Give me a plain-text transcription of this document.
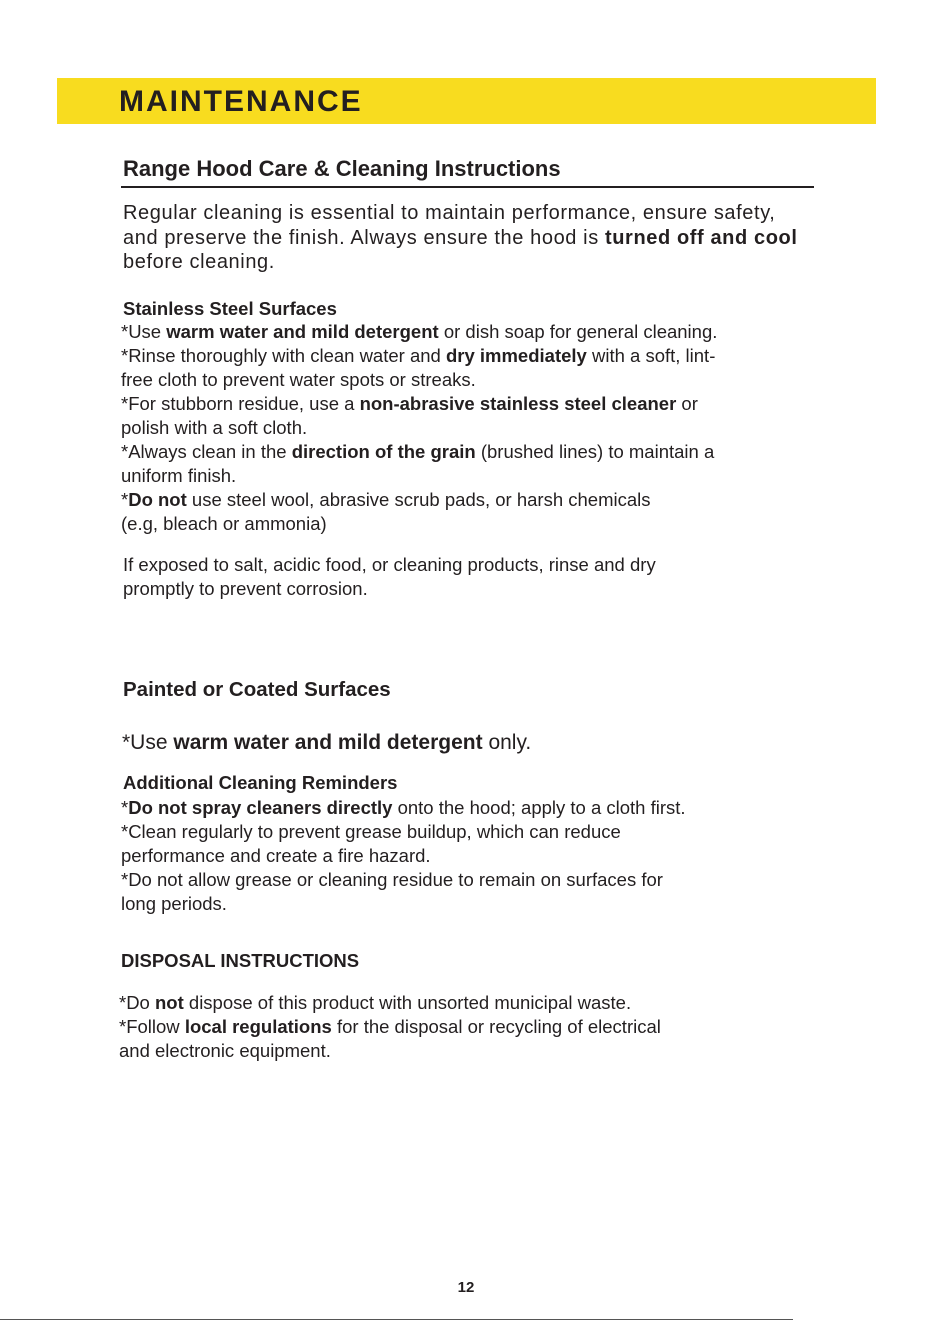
MAINTENANCE
Range Hood Care & Cleaning Instructions
Regular cleaning is essential to maintain performance, ensure safety,
and preserve the finish. Always ensure the hood is turned off and cool
before cleaning.
Stainless Steel Surfaces
*Use warm water and mild detergent or dish soap for general cleaning.
*Rinse thoroughly with clean water and dry immediately with a soft, lint-
free cloth to prevent water spots or streaks.
*For stubborn residue, use a non-abrasive stainless steel cleaner or
polish with a soft cloth.
*Always clean in the direction of the grain (brushed lines) to maintain a
uniform finish.
*Do not use steel wool, abrasive scrub pads, or harsh chemicals
(e.g, bleach or ammonia)
If exposed to salt, acidic food, or cleaning products, rinse and dry
promptly to prevent corrosion.
Painted or Coated Surfaces
*Use warm water and mild detergent only.
Additional Cleaning Reminders
*Do not spray cleaners directly onto the hood; apply to a cloth first.
*Clean regularly to prevent grease buildup, which can reduce
performance and create a fire hazard.
*Do not allow grease or cleaning residue to remain on surfaces for
long periods.
DISPOSAL INSTRUCTIONS
*Do not dispose of this product with unsorted municipal waste.
*Follow local regulations for the disposal or recycling of electrical
and electronic equipment.
12
